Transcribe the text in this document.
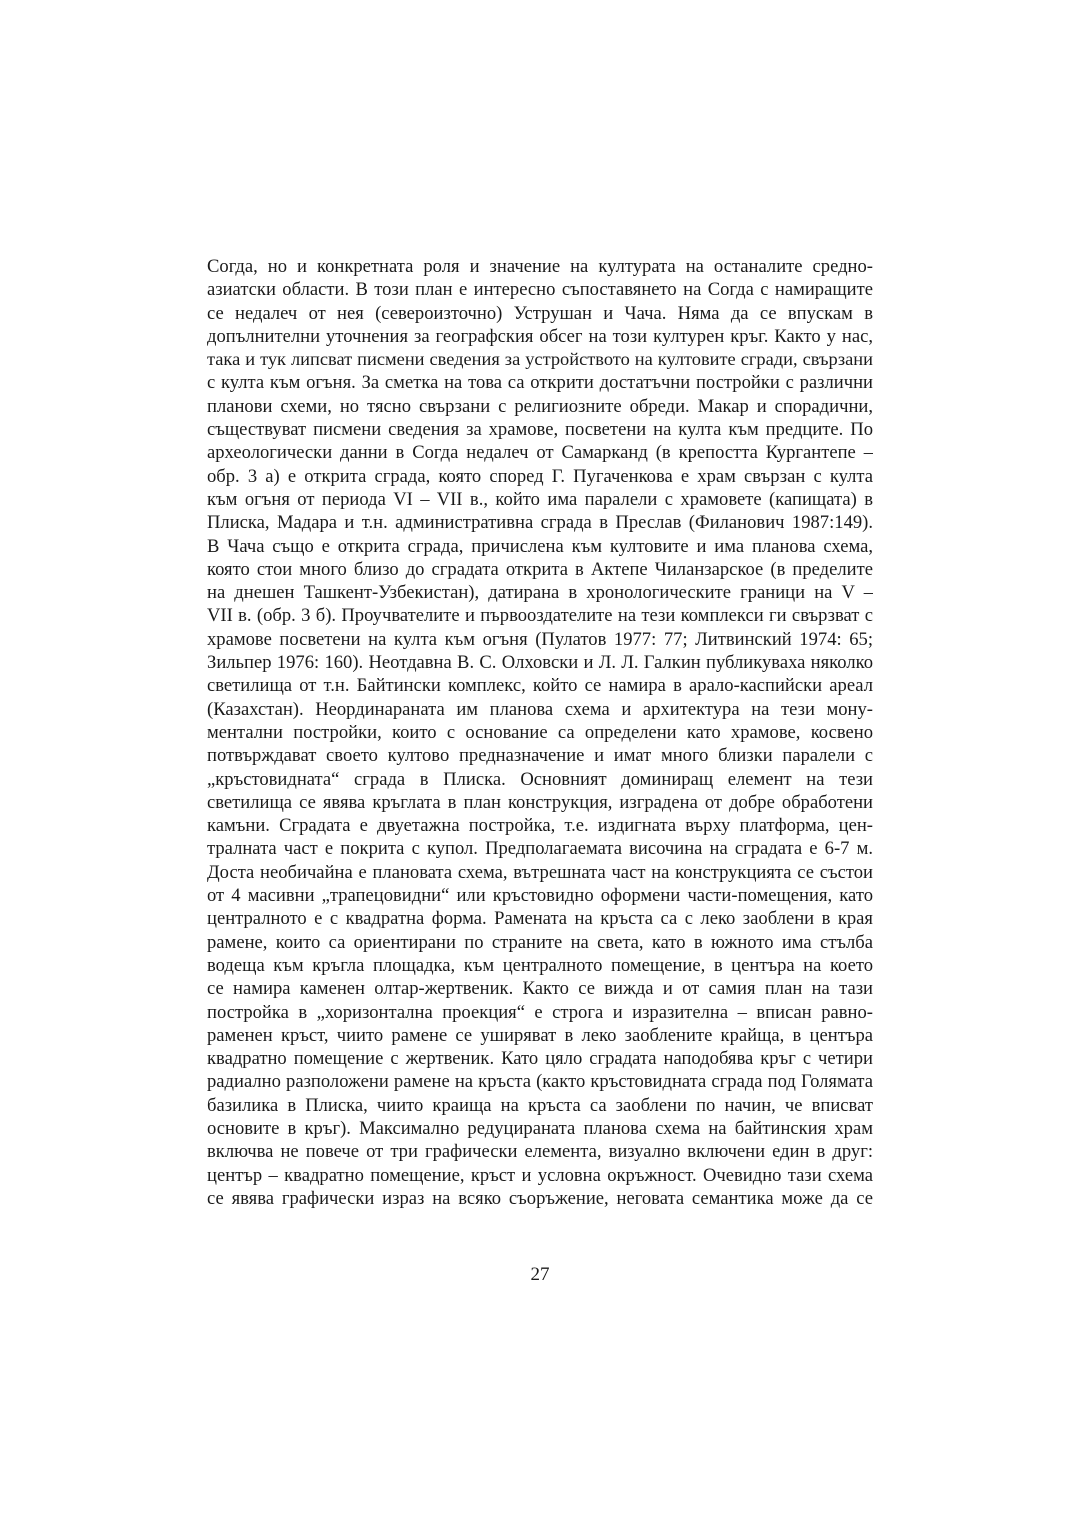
Согда, но и конкретната роля и значение на културата на останалите средно-
азиатски области. В този план е интересно съпоставянето на Согда с намиращите
се недалеч от нея (североизточно) Уструшан и Чача. Няма да се впускам в
допълнителни уточнения за географския обсег на този културен кръг. Както у нас,
така и тук липсват писмени сведения за устройството на култовите сгради, свързани
с култа към огъня. За сметка на това са открити достатъчни постройки с различни
планови схеми, но тясно свързани с религиозните обреди. Макар и спорадични,
съществуват писмени сведения за храмове, посветени на култа към предците. По
археологически данни в Согда недалеч от Самарканд (в крепостта Кургантепе –
обр. 3 а) е открита сграда, която според Г. Пугаченкова е храм свързан с култа
към огъня от периода VI – VII в., който има паралели с храмовете (капищата) в
Плиска, Мадара и т.н. административна сграда в Преслав (Филанович 1987:149).
В Чача също е открита сграда, причислена към култовите и има планова схема,
която стои много близо до сградата открита в Актепе Чиланзарское (в пределите
на днешен Ташкент-Узбекистан), датирана в хронологическите граници на V –
VII в. (обр. 3 б). Проучвателите и първооздателите на тези комплекси ги свързват с
храмове посветени на култа към огъня (Пулатов 1977: 77; Литвинский 1974: 65;
Зильпер 1976: 160). Неотдавна В. С. Олховски и Л. Л. Галкин публикуваха няколко
светилища от т.н. Байтински комплекс, който се намира в арало-каспийски ареал
(Казахстан). Неординараната им планова схема и архитектура на тези мону-
ментални постройки, които с основание са определени като храмове, косвено
потвърждават своето култово предназначение и имат много близки паралели с
„кръстовидната“ сграда в Плиска. Основният доминиращ елемент на тези
светилища се явява кръглата в план конструкция, изградена от добре обработени
камъни. Сградата е двуетажна постройка, т.е. издигната върху платформа, цен-
тралната част е покрита с купол. Предполагаемата височина на сградата е 6-7 м.
Доста необичайна е плановата схема, вътрешната част на конструкцията се състои
от 4 масивни „трапецовидни“ или кръстовидно оформени части-помещения, като
централното е с квадратна форма. Рамената на кръста са с леко заоблени в края
рамене, които са ориентирани по страните на света, като в южното има стълба
водеща към кръгла площадка, към централното помещение, в центъра на което
се намира каменен олтар-жертвеник. Както се вижда и от самия план на тази
постройка в „хоризонтална проекция“ е строга и изразителна – вписан равно-
раменен кръст, чиито рамене се уширяват в леко заоблените крайща, в центъра
квадратно помещение с жертвеник. Като цяло сградата наподобява кръг с четири
радиално разположени рамене на кръста (както кръстовидната сграда под Голямата
базилика в Плиска, чиито краища на кръста са заоблени по начин, че вписват
основите в кръг). Максимално редуцираната планова схема на байтинския храм
включва не повече от три графически елемента, визуално включени един в друг:
център – квадратно помещение, кръст и условна окръжност. Очевидно тази схема
се явява графически израз на всяко съоръжение, неговата семантика може да се
27
